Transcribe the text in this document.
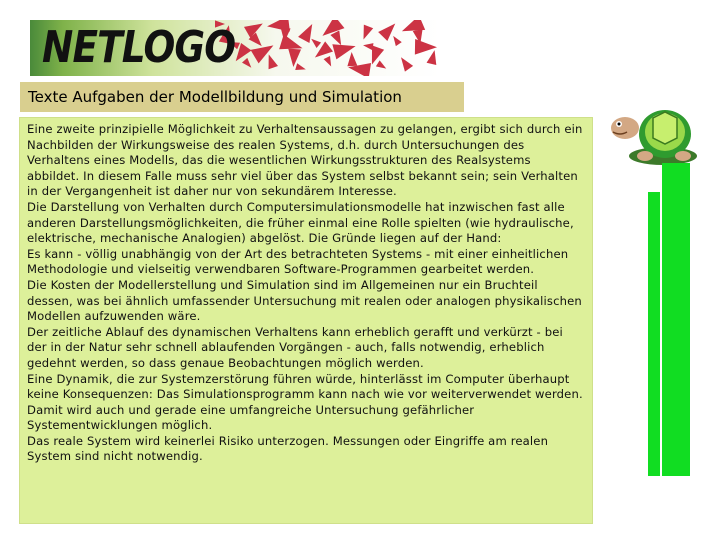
NETLOGO
Texte Aufgaben der Modellbildung und Simulation
Eine zweite prinzipielle Möglichkeit zu Verhaltensaussagen zu gelangen, ergibt sich durch ein Nachbilden der Wirkungsweise des realen Systems, d.h. durch Untersuchungen des Verhaltens eines Modells, das die wesentlichen Wirkungsstrukturen des Realsystems abbildet. In diesem Falle muss sehr viel über das System selbst bekannt sein; sein Verhalten in der Vergangenheit ist daher nur von sekundärem Interesse.
Die Darstellung von Verhalten durch Computersimulationsmodelle hat inzwischen fast alle anderen Darstellungsmöglichkeiten, die früher einmal eine Rolle spielten (wie hydraulische, elektrische, mechanische Analogien) abgelöst. Die Gründe liegen auf der Hand:
Es kann - völlig unabhängig von der Art des betrachteten Systems - mit einer einheitlichen Methodologie und vielseitig verwendbaren Software-Programmen gearbeitet werden.
Die Kosten der Modellerstellung und Simulation sind im Allgemeinen nur ein Bruchteil dessen, was bei ähnlich umfassender Untersuchung mit realen oder analogen physikalischen Modellen aufzuwenden wäre.
Der zeitliche Ablauf des dynamischen Verhaltens kann erheblich gerafft und verkürzt - bei der in der Natur sehr schnell ablaufenden Vorgängen - auch, falls notwendig, erheblich gedehnt werden, so dass genaue Beobachtungen möglich werden.
Eine Dynamik, die zur Systemzerstörung führen würde, hinterlässt im Computer überhaupt keine Konsequenzen: Das Simulationsprogramm kann nach wie vor weiterverwendet werden. Damit wird auch und gerade eine umfangreiche Untersuchung gefährlicher Systementwicklungen möglich.
Das reale System wird keinerlei Risiko unterzogen. Messungen oder Eingriffe am realen System sind nicht notwendig.
